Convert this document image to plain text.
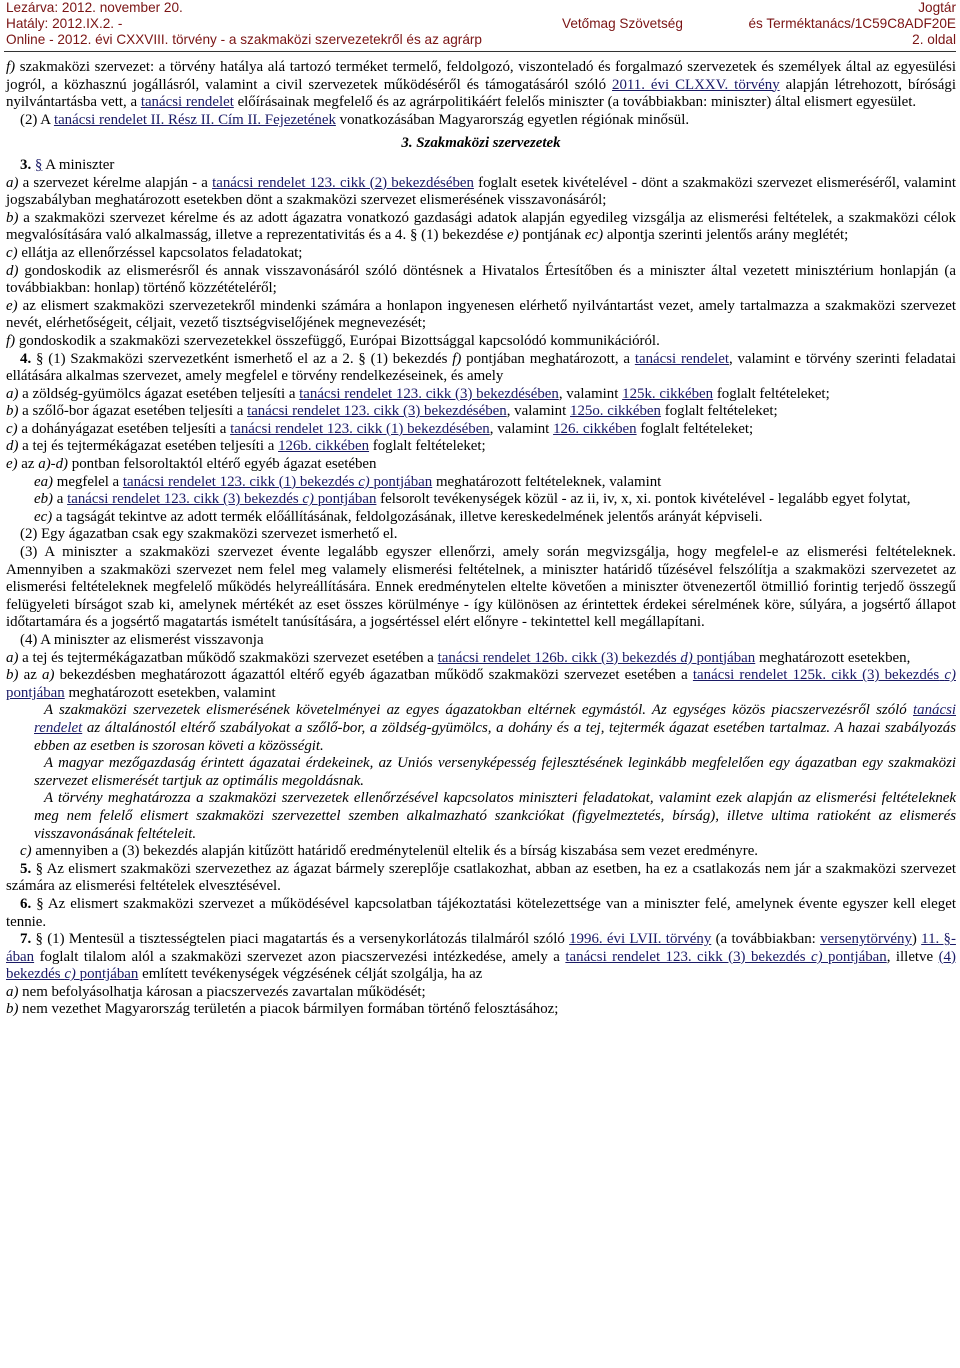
Lezárva: 2012. november 20.	Jogtár
Hatály: 2012.IX.2. -	Vetőmag Szövetség	és Terméktanács/1C59C8ADF20E
Online - 2012. évi CXXVIII. törvény - a szakmaközi szervezetekről és az agrárp	2. oldal

f) szakmaközi szervezet: a törvény hatálya alá tartozó terméket termelő, feldolgozó, viszonteladó és forgalmazó szervezetek és személyek által az egyesülési jogról, a közhasznú jogállásról, valamint a civil szervezetek működéséről és támogatásáról szóló 2011. évi CLXXV. törvény alapján létrehozott, bírósági nyilvántartásba vett, a tanácsi rendelet előírásainak megfelelő és az agrárpolitikáért felelős miniszter (a továbbiakban: miniszter) által elismert egyesület.

(2) A tanácsi rendelet II. Rész II. Cím II. Fejezetének vonatkozásában Magyarország egyetlen régiónak minősül.

3. Szakmaközi szervezetek

3. § A miniszter

a) a szervezet kérelme alapján - a tanácsi rendelet 123. cikk (2) bekezdésében foglalt esetek kivételével - dönt a szakmaközi szervezet elismeréséről, valamint jogszabályban meghatározott esetekben dönt a szakmaközi szervezet elismerésének visszavonásáról;

b) a szakmaközi szervezet kérelme és az adott ágazatra vonatkozó gazdasági adatok alapján egyedileg vizsgálja az elismerési feltételek, a szakmaközi célok megvalósítására való alkalmasság, illetve a reprezentativitás és a 4. § (1) bekezdése e) pontjának ec) alpontja szerinti jelentős arány meglétét;

c) ellátja az ellenőrzéssel kapcsolatos feladatokat;

d) gondoskodik az elismerésről és annak visszavonásáról szóló döntésnek a Hivatalos Értesítőben és a miniszter által vezetett minisztérium honlapján (a továbbiakban: honlap) történő közzétételéről;

e) az elismert szakmaközi szervezetekről mindenki számára a honlapon ingyenesen elérhető nyilvántartást vezet, amely tartalmazza a szakmaközi szervezet nevét, elérhetőségeit, céljait, vezető tisztségviselőjének megnevezését;

f) gondoskodik a szakmaközi szervezetekkel összefüggő, Európai Bizottsággal kapcsolódó kommunikációról.

4. § (1) Szakmaközi szervezetként ismerhető el az a 2. § (1) bekezdés f) pontjában meghatározott, a tanácsi rendelet, valamint e törvény szerinti feladatai ellátására alkalmas szervezet, amely megfelel e törvény rendelkezéseinek, és amely

a) a zöldség-gyümölcs ágazat esetében teljesíti a tanácsi rendelet 123. cikk (3) bekezdésében, valamint 125k. cikkében foglalt feltételeket;

b) a szőlő-bor ágazat esetében teljesíti a tanácsi rendelet 123. cikk (3) bekezdésében, valamint 125o. cikkében foglalt feltételeket;

c) a dohányágazat esetében teljesíti a tanácsi rendelet 123. cikk (1) bekezdésében, valamint 126. cikkében foglalt feltételeket;

d) a tej és tejtermékágazat esetében teljesíti a 126b. cikkében foglalt feltételeket;

e) az a)-d) pontban felsoroltaktól eltérő egyéb ágazat esetében

ea) megfelel a tanácsi rendelet 123. cikk (1) bekezdés c) pontjában meghatározott feltételeknek, valamint

eb) a tanácsi rendelet 123. cikk (3) bekezdés c) pontjában felsorolt tevékenységek közül - az ii, iv, x, xi. pontok kivételével - legalább egyet folytat,

ec) a tagságát tekintve az adott termék előállításának, feldolgozásának, illetve kereskedelmének jelentős arányát képviseli.

(2) Egy ágazatban csak egy szakmaközi szervezet ismerhető el.

(3) A miniszter a szakmaközi szervezet évente legalább egyszer ellenőrzi, amely során megvizsgálja, hogy megfelel-e az elismerési feltételeknek. Amennyiben a szakmaközi szervezet nem felel meg valamely elismerési feltételnek, a miniszter határidő tűzésével felszólítja a szakmaközi szervezetet az elismerési feltételeknek megfelelő működés helyreállítására. Ennek eredménytelen eltelte követően a miniszter ötvenezertől ötmillió forintig terjedő összegű felügyeleti bírságot szab ki, amelynek mértékét az eset összes körülménye - így különösen az érintettek érdekei sérelmének köre, súlyára, a jogsértő állapot időtartamára és a jogsértő magatartás ismételt tanúsítására, a jogsértéssel elért előnyre - tekintettel kell megállapítani.

(4) A miniszter az elismerést visszavonja

a) a tej és tejtermékágazatban működő szakmaközi szervezet esetében a tanácsi rendelet 126b. cikk (3) bekezdés d) pontjában meghatározott esetekben,

b) az a) bekezdésben meghatározott ágazattól eltérő egyéb ágazatban működő szakmaközi szervezet esetében a tanácsi rendelet 125k. cikk (3) bekezdés c) pontjában meghatározott esetekben, valamint

A szakmaközi szervezetek elismerésének követelményei az egyes ágazatokban eltérnek egymástól. Az egységes közös piacszervezésről szóló tanácsi rendelet az általánostól eltérő szabályokat a szőlő-bor, a zöldség-gyümölcs, a dohány és a tej, tejtermék ágazat esetében tartalmaz. A hazai szabályozás ebben az esetben is szorosan követi a közösségit.

A magyar mezőgazdaság érintett ágazatai érdekeinek, az Uniós versenyképesség fejlesztésének leginkább megfelelően egy ágazatban egy szakmaközi szervezet elismerését tartjuk az optimális megoldásnak.

A törvény meghatározza a szakmaközi szervezetek ellenőrzésével kapcsolatos miniszteri feladatokat, valamint ezek alapján az elismerési feltételeknek meg nem felelő elismert szakmaközi szervezettel szemben alkalmazható szankciókat (figyelmeztetés, bírság), illetve ultima ratioként az elismerés visszavonásának feltételeit.

c) amennyiben a (3) bekezdés alapján kitűzött határidő eredménytelenül eltelik és a bírság kiszabása sem vezet eredményre.

5. § Az elismert szakmaközi szervezethez az ágazat bármely szereplője csatlakozhat, abban az esetben, ha ez a csatlakozás nem jár a szakmaközi szervezet számára az elismerési feltételek elvesztésével.

6. § Az elismert szakmaközi szervezet a működésével kapcsolatban tájékoztatási kötelezettsége van a miniszter felé, amelynek évente egyszer kell eleget tennie.

7. § (1) Mentesül a tisztességtelen piaci magatartás és a versenykorlátozás tilalmáról szóló 1996. évi LVII. törvény (a továbbiakban: versenytörvény) 11. §-ában foglalt tilalom alól a szakmaközi szervezet azon piacszervezési intézkedése, amely a tanácsi rendelet 123. cikk (3) bekezdés c) pontjában, illetve (4) bekezdés c) pontjában említett tevékenységek végzésének célját szolgálja, ha az

a) nem befolyásolhatja károsan a piacszervezés zavartalan működését;

b) nem vezethet Magyarország területén a piacok bármilyen formában történő felosztásához;
